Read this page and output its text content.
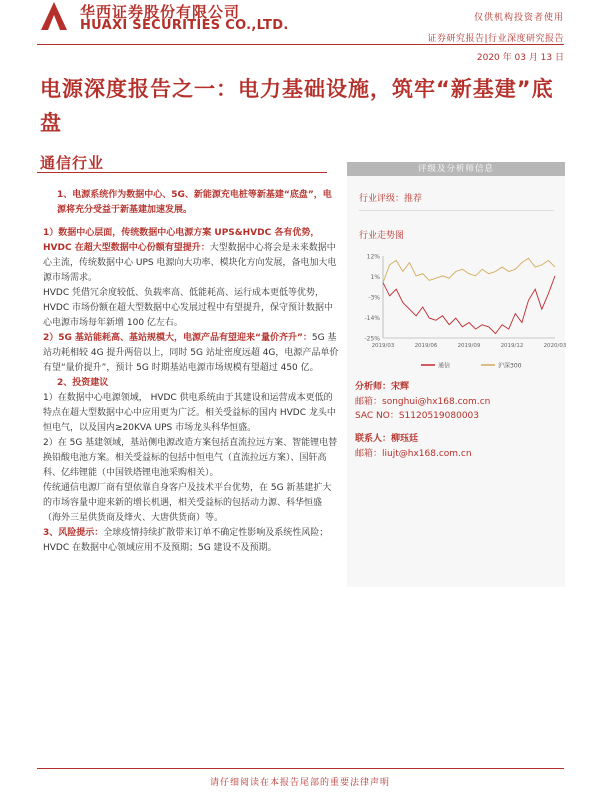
华西证券股份有限公司
HUAXI SECURITIES CO.,LTD.	仅供机构投资者使用
证券研究报告|行业深度研究报告
2020 年 03 月 13 日
电源深度报告之一：电力基础设施，筑牢“新基建”底盘
通信行业

1、电源系统作为数据中心、5G、新能源充电桩等新基建“底盘”，电源将充分受益于新基建加速发展。

1）数据中心层面，传统数据中心电源方案 UPS&HVDC 各有优势，HVDC 在超大型数据中心份额有望提升：大型数据中心将会是未来数据中心主流，传统数据中心 UPS 电源向大功率、模块化方向发展，备电加大电源市场需求。

HVDC 凭借冗余度较低、负载率高、低能耗高、运行成本更低等优势，HVDC 市场份额在超大型数据中心发展过程中有望提升，保守预计数据中心电源市场每年新增 100 亿左右。

2）5G 基站能耗高、基站规模大，电源产品有望迎来“量价齐升”：5G 基站功耗相较 4G 提升两倍以上，同时 5G 站址密度远超 4G，电源产品单价有望“量价提升”，预计 5G 时期基站电源市场规模有望超过 450 亿。

2、投资建议

1）在数据中心电源领域， HVDC 供电系统由于其建设和运营成本更低的特点在超大型数据中心中应用更为广泛。相关受益标的国内 HVDC 龙头中恒电气，以及国内≥20KVA UPS 市场龙头科华恒盛。

2）在 5G 基建领域，基站侧电源改造方案包括直流拉远方案、智能锂电替换铅酸电池方案。相关受益标的包括中恒电气（直流拉远方案）、国轩高科、亿纬锂能（中国铁塔锂电池采购相关）。

传统通信电源厂商有望依靠自身客户及技术平台优势，在 5G 新基建扩大的市场容量中迎来新的增长机遇，相关受益标的包括动力源、科华恒盛（海外三星供货商及烽火、大唐供货商）等。

3、风险提示：全球疫情持续扩散带来订单不确定性影响及系统性风险； HVDC 在数据中心领域应用不及预期；5G 建设不及预期。

评级及分析师信息
行业评级：推荐
行业走势图
12%
1%
-3%
-14%
-25%
2019/03	2019/06	2019/09	2019/12	2020/03
通信	沪深300
分析师：宋辉
邮箱：songhui@hx168.com.cn
SAC NO：S1120519080003
联系人：柳珏廷
邮箱：liujt@hx168.com.cn
请仔细阅读在本报告尾部的重要法律声明
